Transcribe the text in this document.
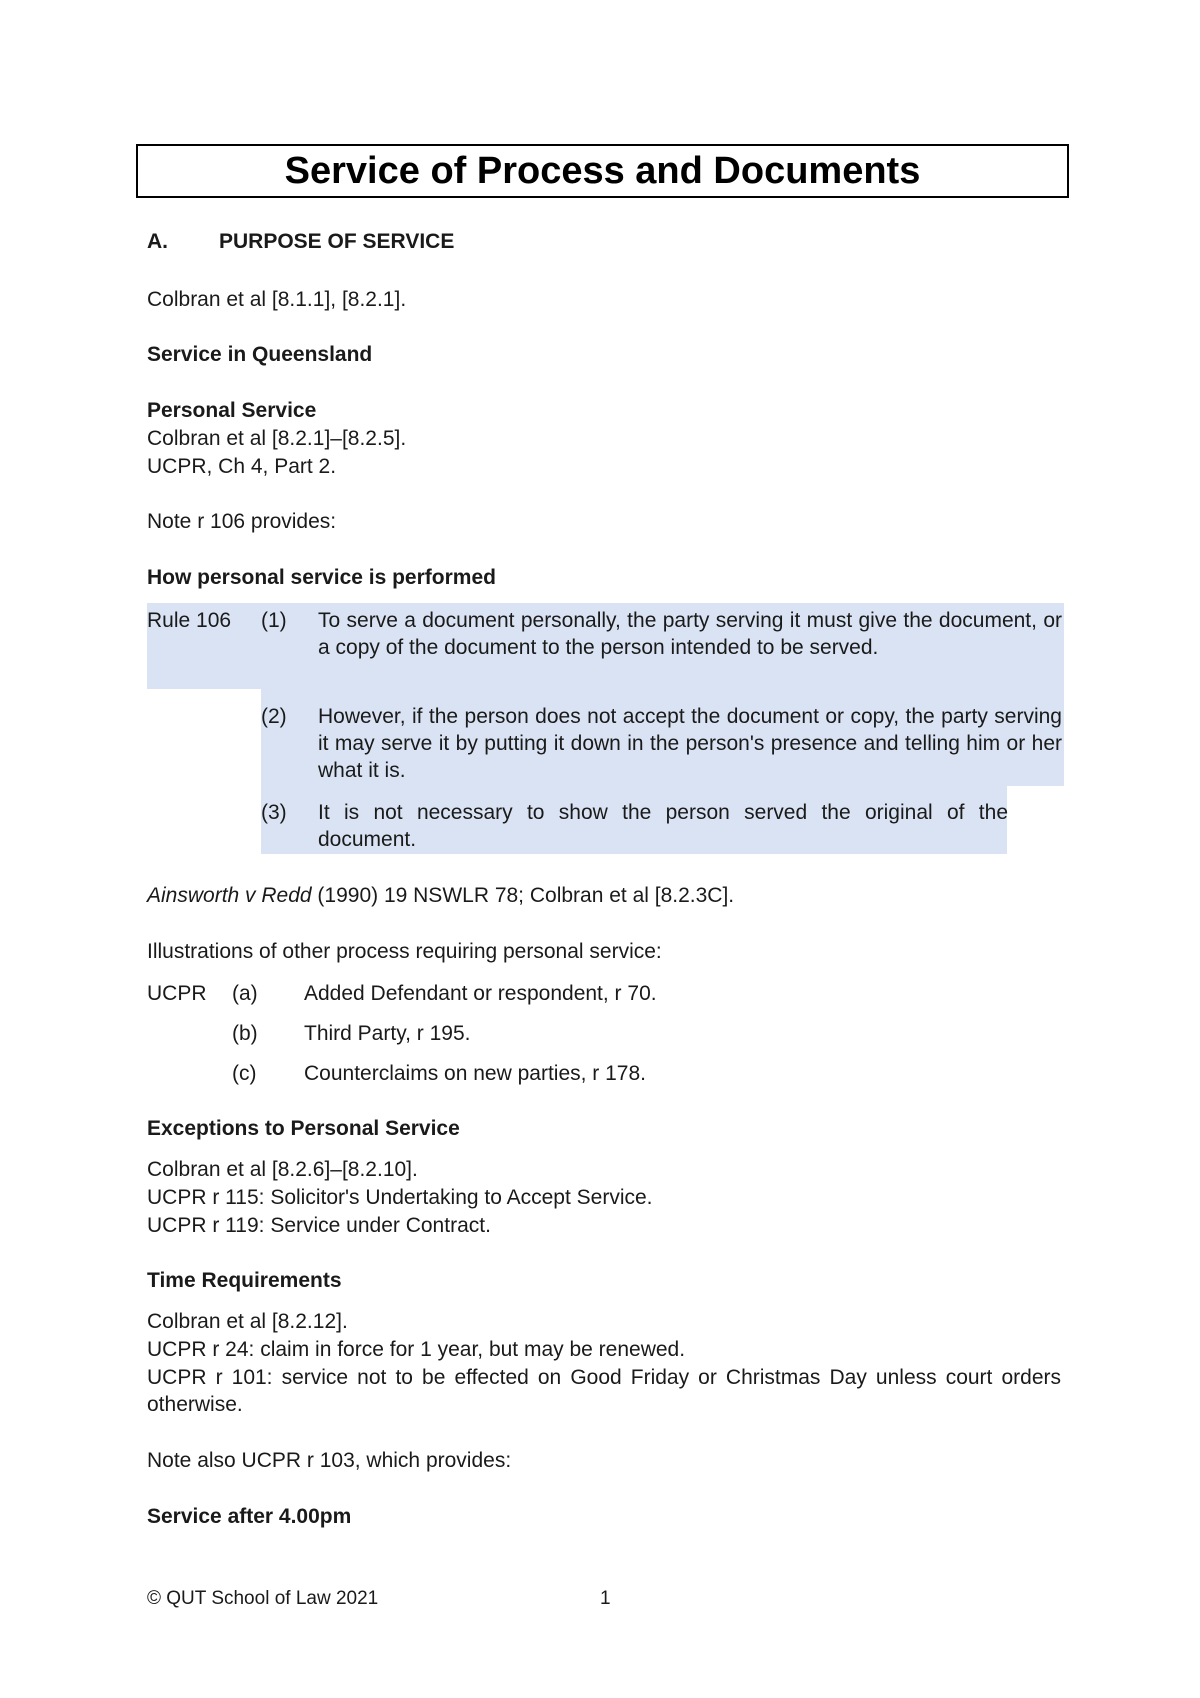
Service of Process and Documents
A. PURPOSE OF SERVICE
Colbran et al [8.1.1], [8.2.1].
Service in Queensland
Personal Service
Colbran et al [8.2.1]–[8.2.5].
UCPR, Ch 4, Part 2.
Note r 106 provides:
How personal service is performed
Rule 106 (1) To serve a document personally, the party serving it must give the document, or a copy of the document to the person intended to be served.
(2) However, if the person does not accept the document or copy, the party serving it may serve it by putting it down in the person's presence and telling him or her what it is.
(3) It is not necessary to show the person served the original of the document.
Ainsworth v Redd (1990) 19 NSWLR 78; Colbran et al [8.2.3C].
Illustrations of other process requiring personal service:
UCPR (a) Added Defendant or respondent, r 70.
(b) Third Party, r 195.
(c) Counterclaims on new parties, r 178.
Exceptions to Personal Service
Colbran et al [8.2.6]–[8.2.10].
UCPR r 115: Solicitor's Undertaking to Accept Service.
UCPR r 119: Service under Contract.
Time Requirements
Colbran et al [8.2.12].
UCPR r 24: claim in force for 1 year, but may be renewed.
UCPR r 101: service not to be effected on Good Friday or Christmas Day unless court orders otherwise.
Note also UCPR r 103, which provides:
Service after 4.00pm
© QUT School of Law 2021	1
